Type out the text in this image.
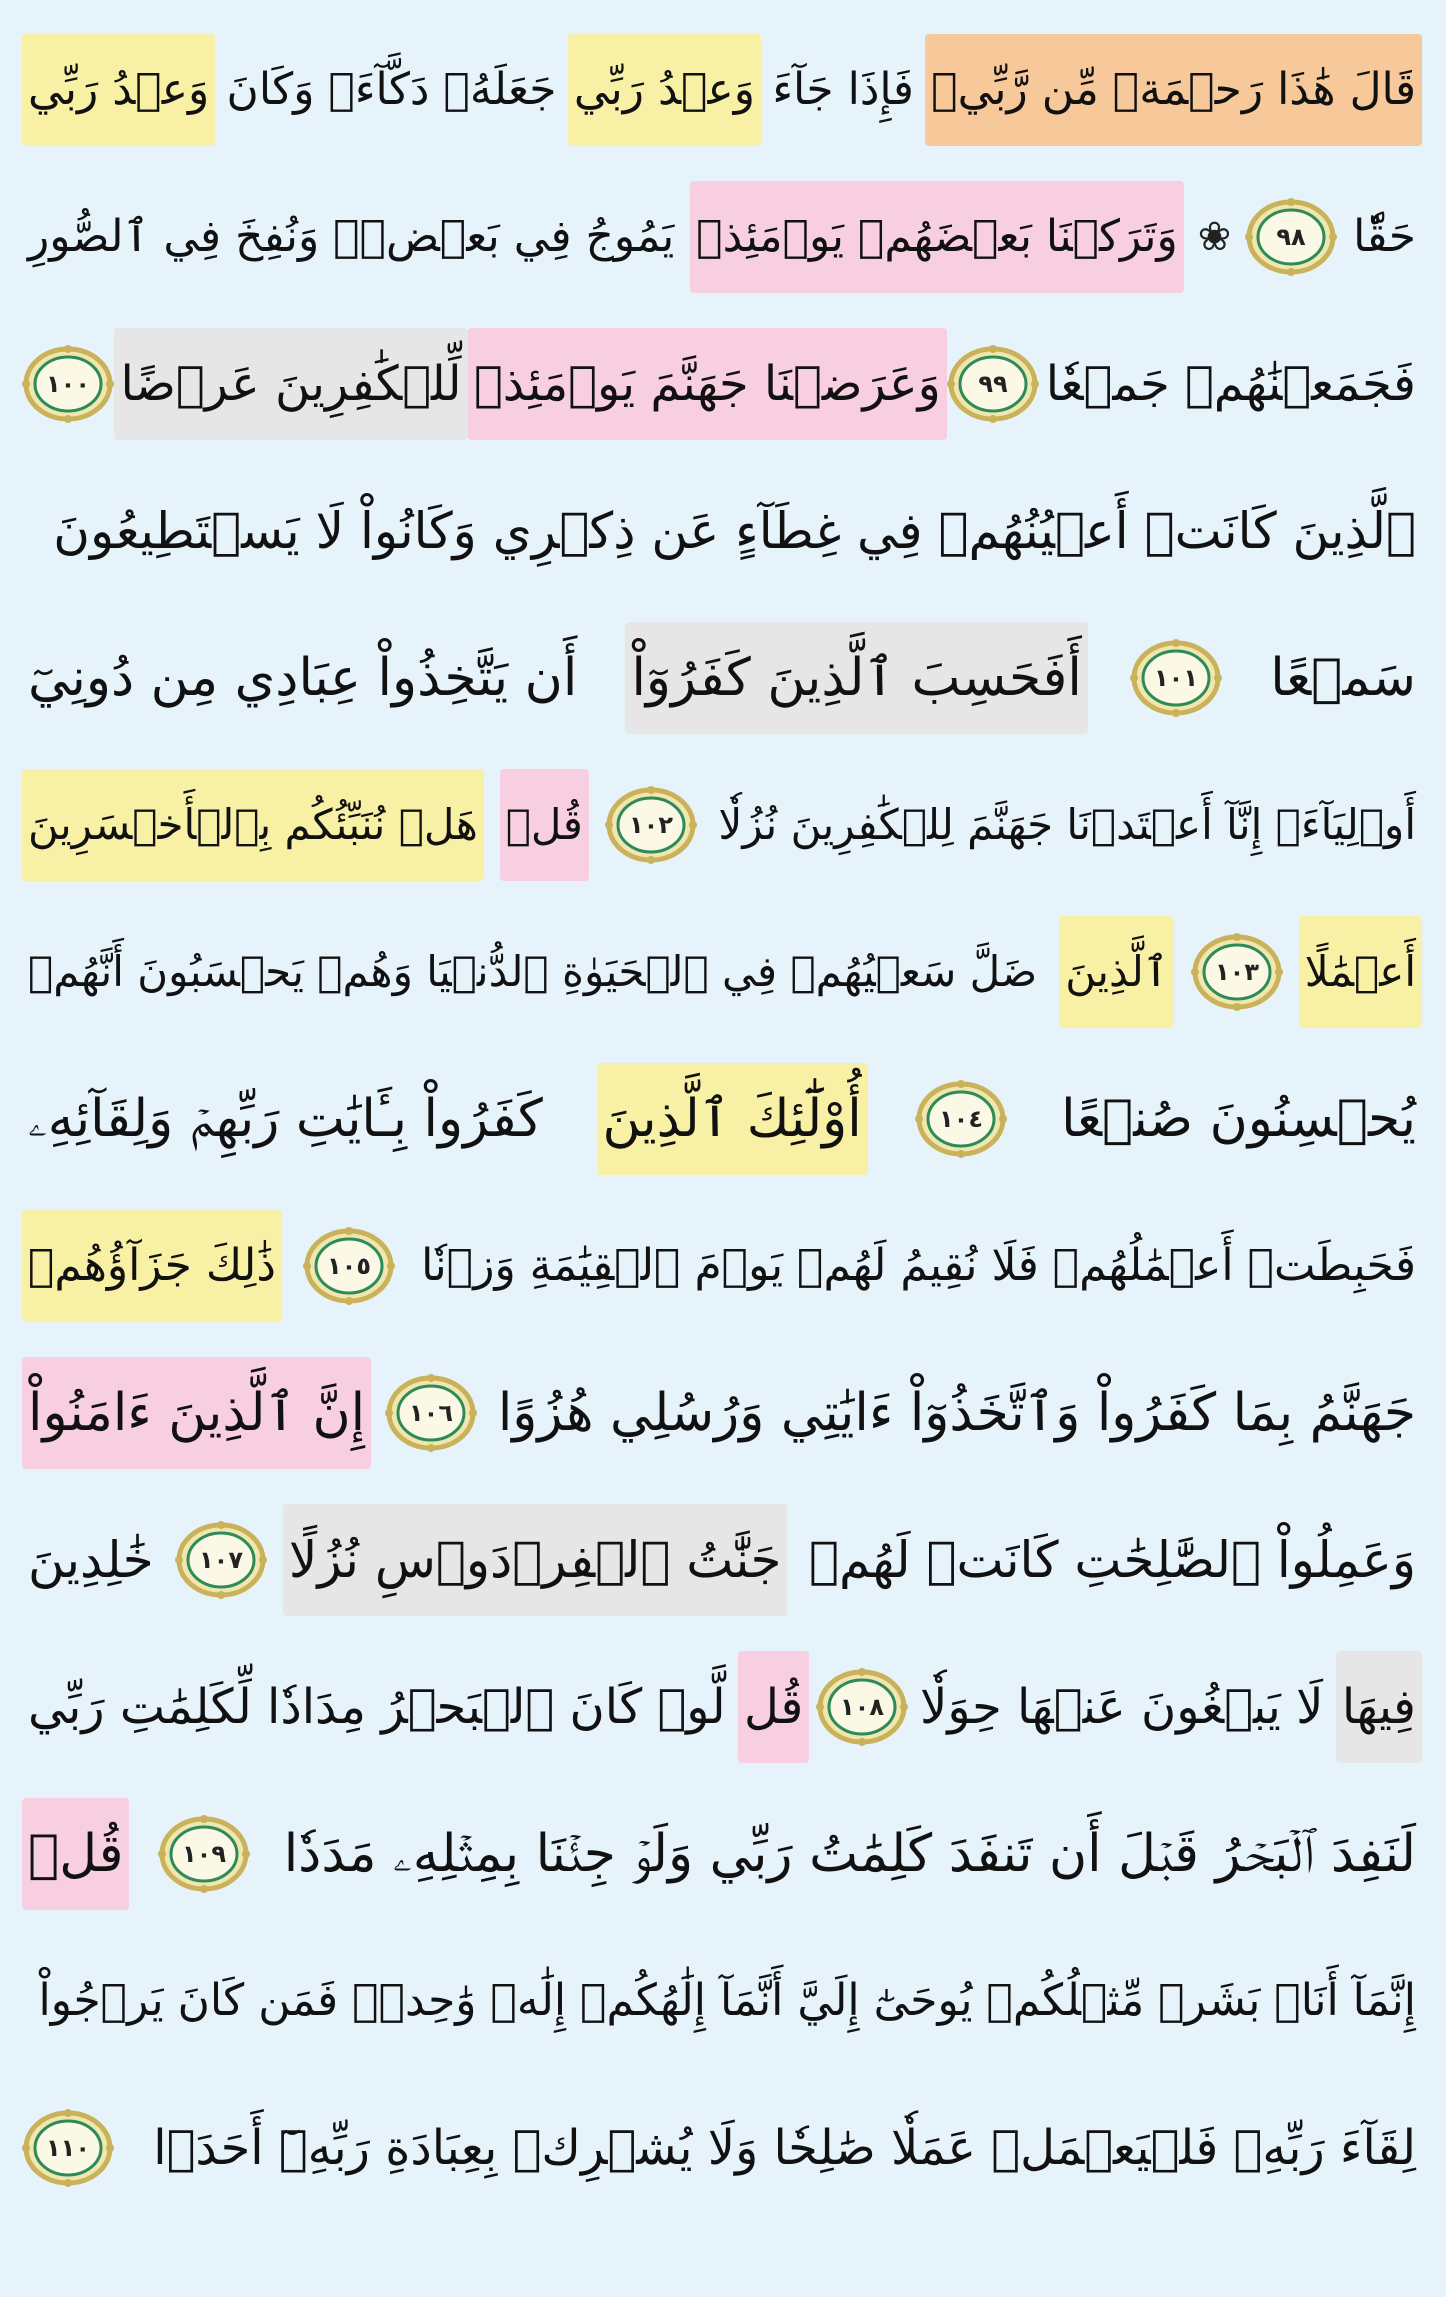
قَالَ هَٰذَا رَحۡمَةٞ مِّن رَّبِّيۖ
فَإِذَا جَآءَ
وَعۡدُ رَبِّي
جَعَلَهُۥ دَكَّآءَۖ وَكَانَ
وَعۡدُ رَبِّي
حَقّٗا
٩٨
❀
وَتَرَكۡنَا بَعۡضَهُمۡ يَوۡمَئِذٖ
يَمُوجُ فِي بَعۡضٖۖ وَنُفِخَ فِي ٱلصُّورِ
فَجَمَعۡنَٰهُمۡ جَمۡعٗا
٩٩
وَعَرَضۡنَا جَهَنَّمَ يَوۡمَئِذٖ
لِّلۡكَٰفِرِينَ عَرۡضًا
١٠٠
ٱلَّذِينَ كَانَتۡ أَعۡيُنُهُمۡ فِي غِطَآءٍ عَن ذِكۡرِي وَكَانُواْ لَا يَسۡتَطِيعُونَ
سَمۡعًا
١٠١
أَفَحَسِبَ ٱلَّذِينَ كَفَرُوٓاْ
أَن يَتَّخِذُواْ عِبَادِي مِن دُونِيٓ
أَوۡلِيَآءَۚ إِنَّآ أَعۡتَدۡنَا جَهَنَّمَ لِلۡكَٰفِرِينَ نُزُلٗا
١٠٢
قُلۡ
هَلۡ نُنَبِّئُكُم بِٱلۡأَخۡسَرِينَ
أَعۡمَٰلًا
١٠٣
ٱلَّذِينَ
ضَلَّ سَعۡيُهُمۡ فِي ٱلۡحَيَوٰةِ ٱلدُّنۡيَا وَهُمۡ يَحۡسَبُونَ أَنَّهُمۡ
يُحۡسِنُونَ صُنۡعًا
١٠٤
أُوْلَٰٓئِكَ ٱلَّذِينَ
كَفَرُواْ بِـَٔايَٰتِ رَبِّهِمۡ وَلِقَآئِهِۦ
فَحَبِطَتۡ أَعۡمَٰلُهُمۡ فَلَا نُقِيمُ لَهُمۡ يَوۡمَ ٱلۡقِيَٰمَةِ وَزۡنٗا
١٠٥
ذَٰلِكَ جَزَآؤُهُمۡ
جَهَنَّمُ بِمَا كَفَرُواْ وَٱتَّخَذُوٓاْ ءَايَٰتِي وَرُسُلِي هُزُوًا
١٠٦
إِنَّ ٱلَّذِينَ ءَامَنُواْ
وَعَمِلُواْ ٱلصَّٰلِحَٰتِ كَانَتۡ لَهُمۡ
جَنَّٰتُ ٱلۡفِرۡدَوۡسِ نُزُلًا
١٠٧
خَٰلِدِينَ
فِيهَا
لَا يَبۡغُونَ عَنۡهَا حِوَلٗا
١٠٨
قُل
لَّوۡ كَانَ ٱلۡبَحۡرُ مِدَادٗا لِّكَلِمَٰتِ رَبِّي
لَنَفِدَ ٱلۡبَحۡرُ قَبۡلَ أَن تَنفَدَ كَلِمَٰتُ رَبِّي وَلَوۡ جِئۡنَا بِمِثۡلِهِۦ مَدَدٗا
١٠٩
قُلۡ
إِنَّمَآ أَنَا۠ بَشَرٞ مِّثۡلُكُمۡ يُوحَىٰٓ إِلَيَّ أَنَّمَآ إِلَٰهُكُمۡ إِلَٰهٞ وَٰحِدٞۖ فَمَن كَانَ يَرۡجُواْ
لِقَآءَ رَبِّهِۦ فَلۡيَعۡمَلۡ عَمَلٗا صَٰلِحٗا وَلَا يُشۡرِكۡ بِعِبَادَةِ رَبِّهِۦٓ أَحَدَۢا
١١٠
